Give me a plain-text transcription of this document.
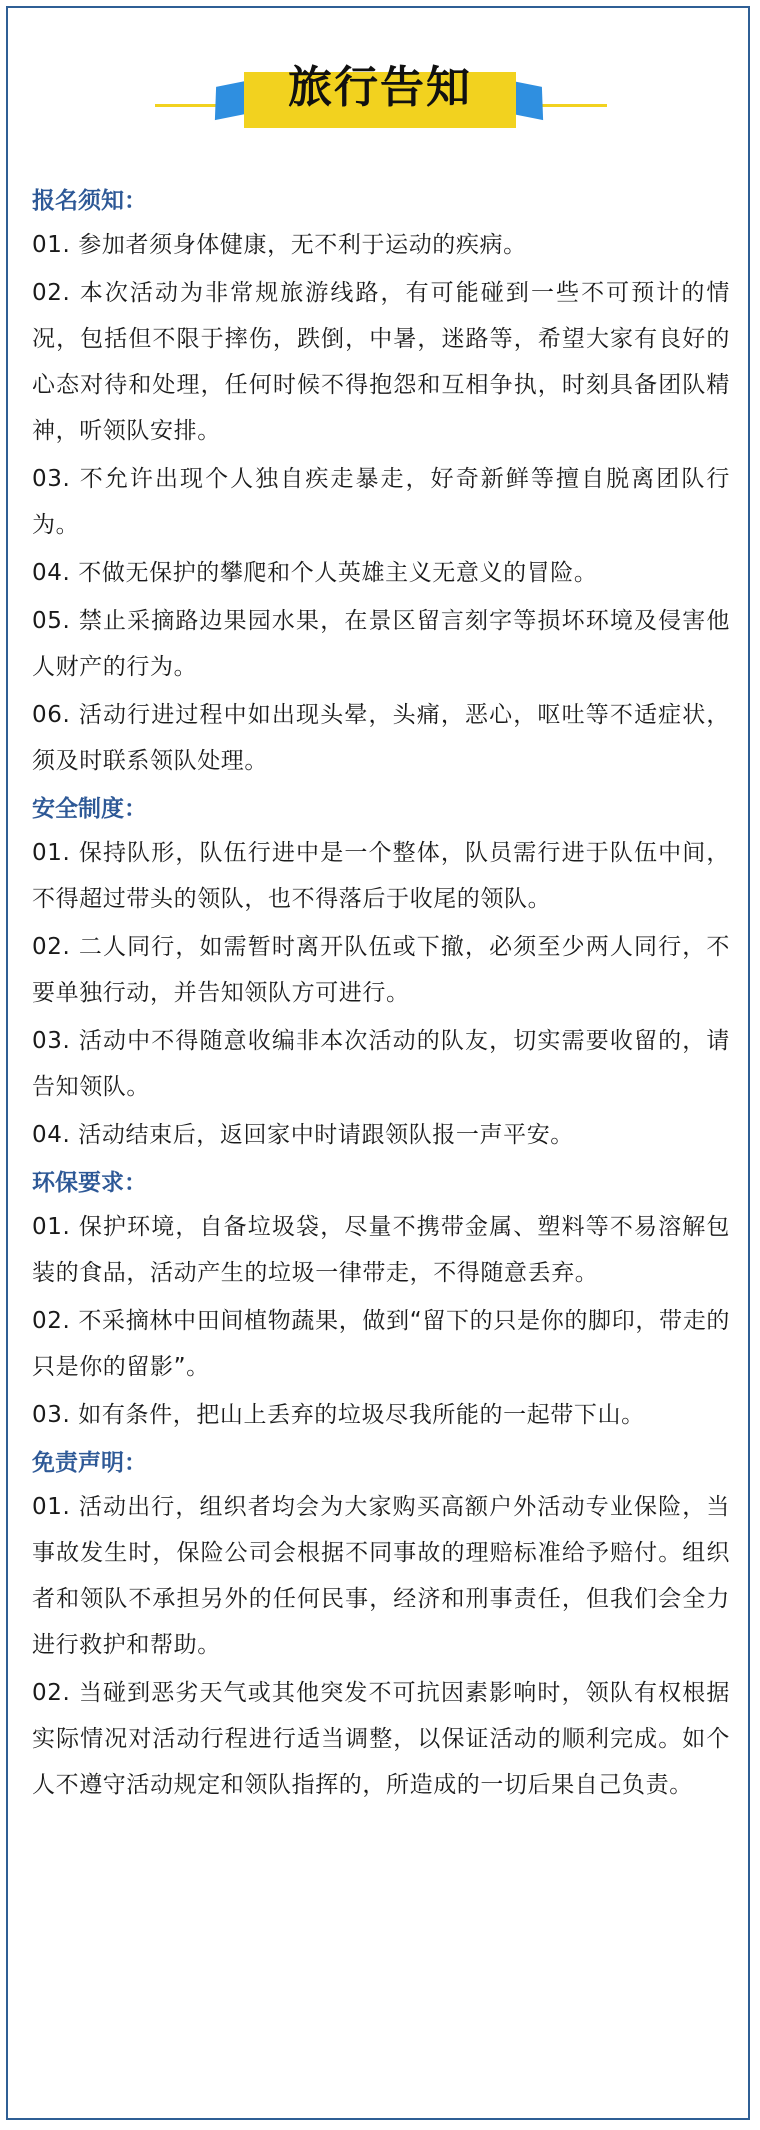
旅行告知

报名须知：

01. 参加者须身体健康，无不利于运动的疾病。

02. 本次活动为非常规旅游线路，有可能碰到一些不可预计的情况，包括但不限于摔伤，跌倒，中暑，迷路等，希望大家有良好的心态对待和处理，任何时候不得抱怨和互相争执，时刻具备团队精神，听领队安排。

03. 不允许出现个人独自疾走暴走，好奇新鲜等擅自脱离团队行为。

04. 不做无保护的攀爬和个人英雄主义无意义的冒险。

05. 禁止采摘路边果园水果，在景区留言刻字等损坏环境及侵害他人财产的行为。

06. 活动行进过程中如出现头晕，头痛，恶心，呕吐等不适症状，须及时联系领队处理。

安全制度：

01. 保持队形，队伍行进中是一个整体，队员需行进于队伍中间，不得超过带头的领队，也不得落后于收尾的领队。

02. 二人同行，如需暂时离开队伍或下撤，必须至少两人同行，不要单独行动，并告知领队方可进行。

03. 活动中不得随意收编非本次活动的队友，切实需要收留的，请告知领队。

04. 活动结束后，返回家中时请跟领队报一声平安。

环保要求：

01. 保护环境，自备垃圾袋，尽量不携带金属、塑料等不易溶解包装的食品，活动产生的垃圾一律带走，不得随意丢弃。

02. 不采摘林中田间植物蔬果，做到“留下的只是你的脚印，带走的只是你的留影”。

03. 如有条件，把山上丢弃的垃圾尽我所能的一起带下山。

免责声明：

01. 活动出行，组织者均会为大家购买高额户外活动专业保险，当事故发生时，保险公司会根据不同事故的理赔标准给予赔付。组织者和领队不承担另外的任何民事，经济和刑事责任，但我们会全力进行救护和帮助。

02. 当碰到恶劣天气或其他突发不可抗因素影响时，领队有权根据实际情况对活动行程进行适当调整，以保证活动的顺利完成。如个人不遵守活动规定和领队指挥的，所造成的一切后果自己负责。
